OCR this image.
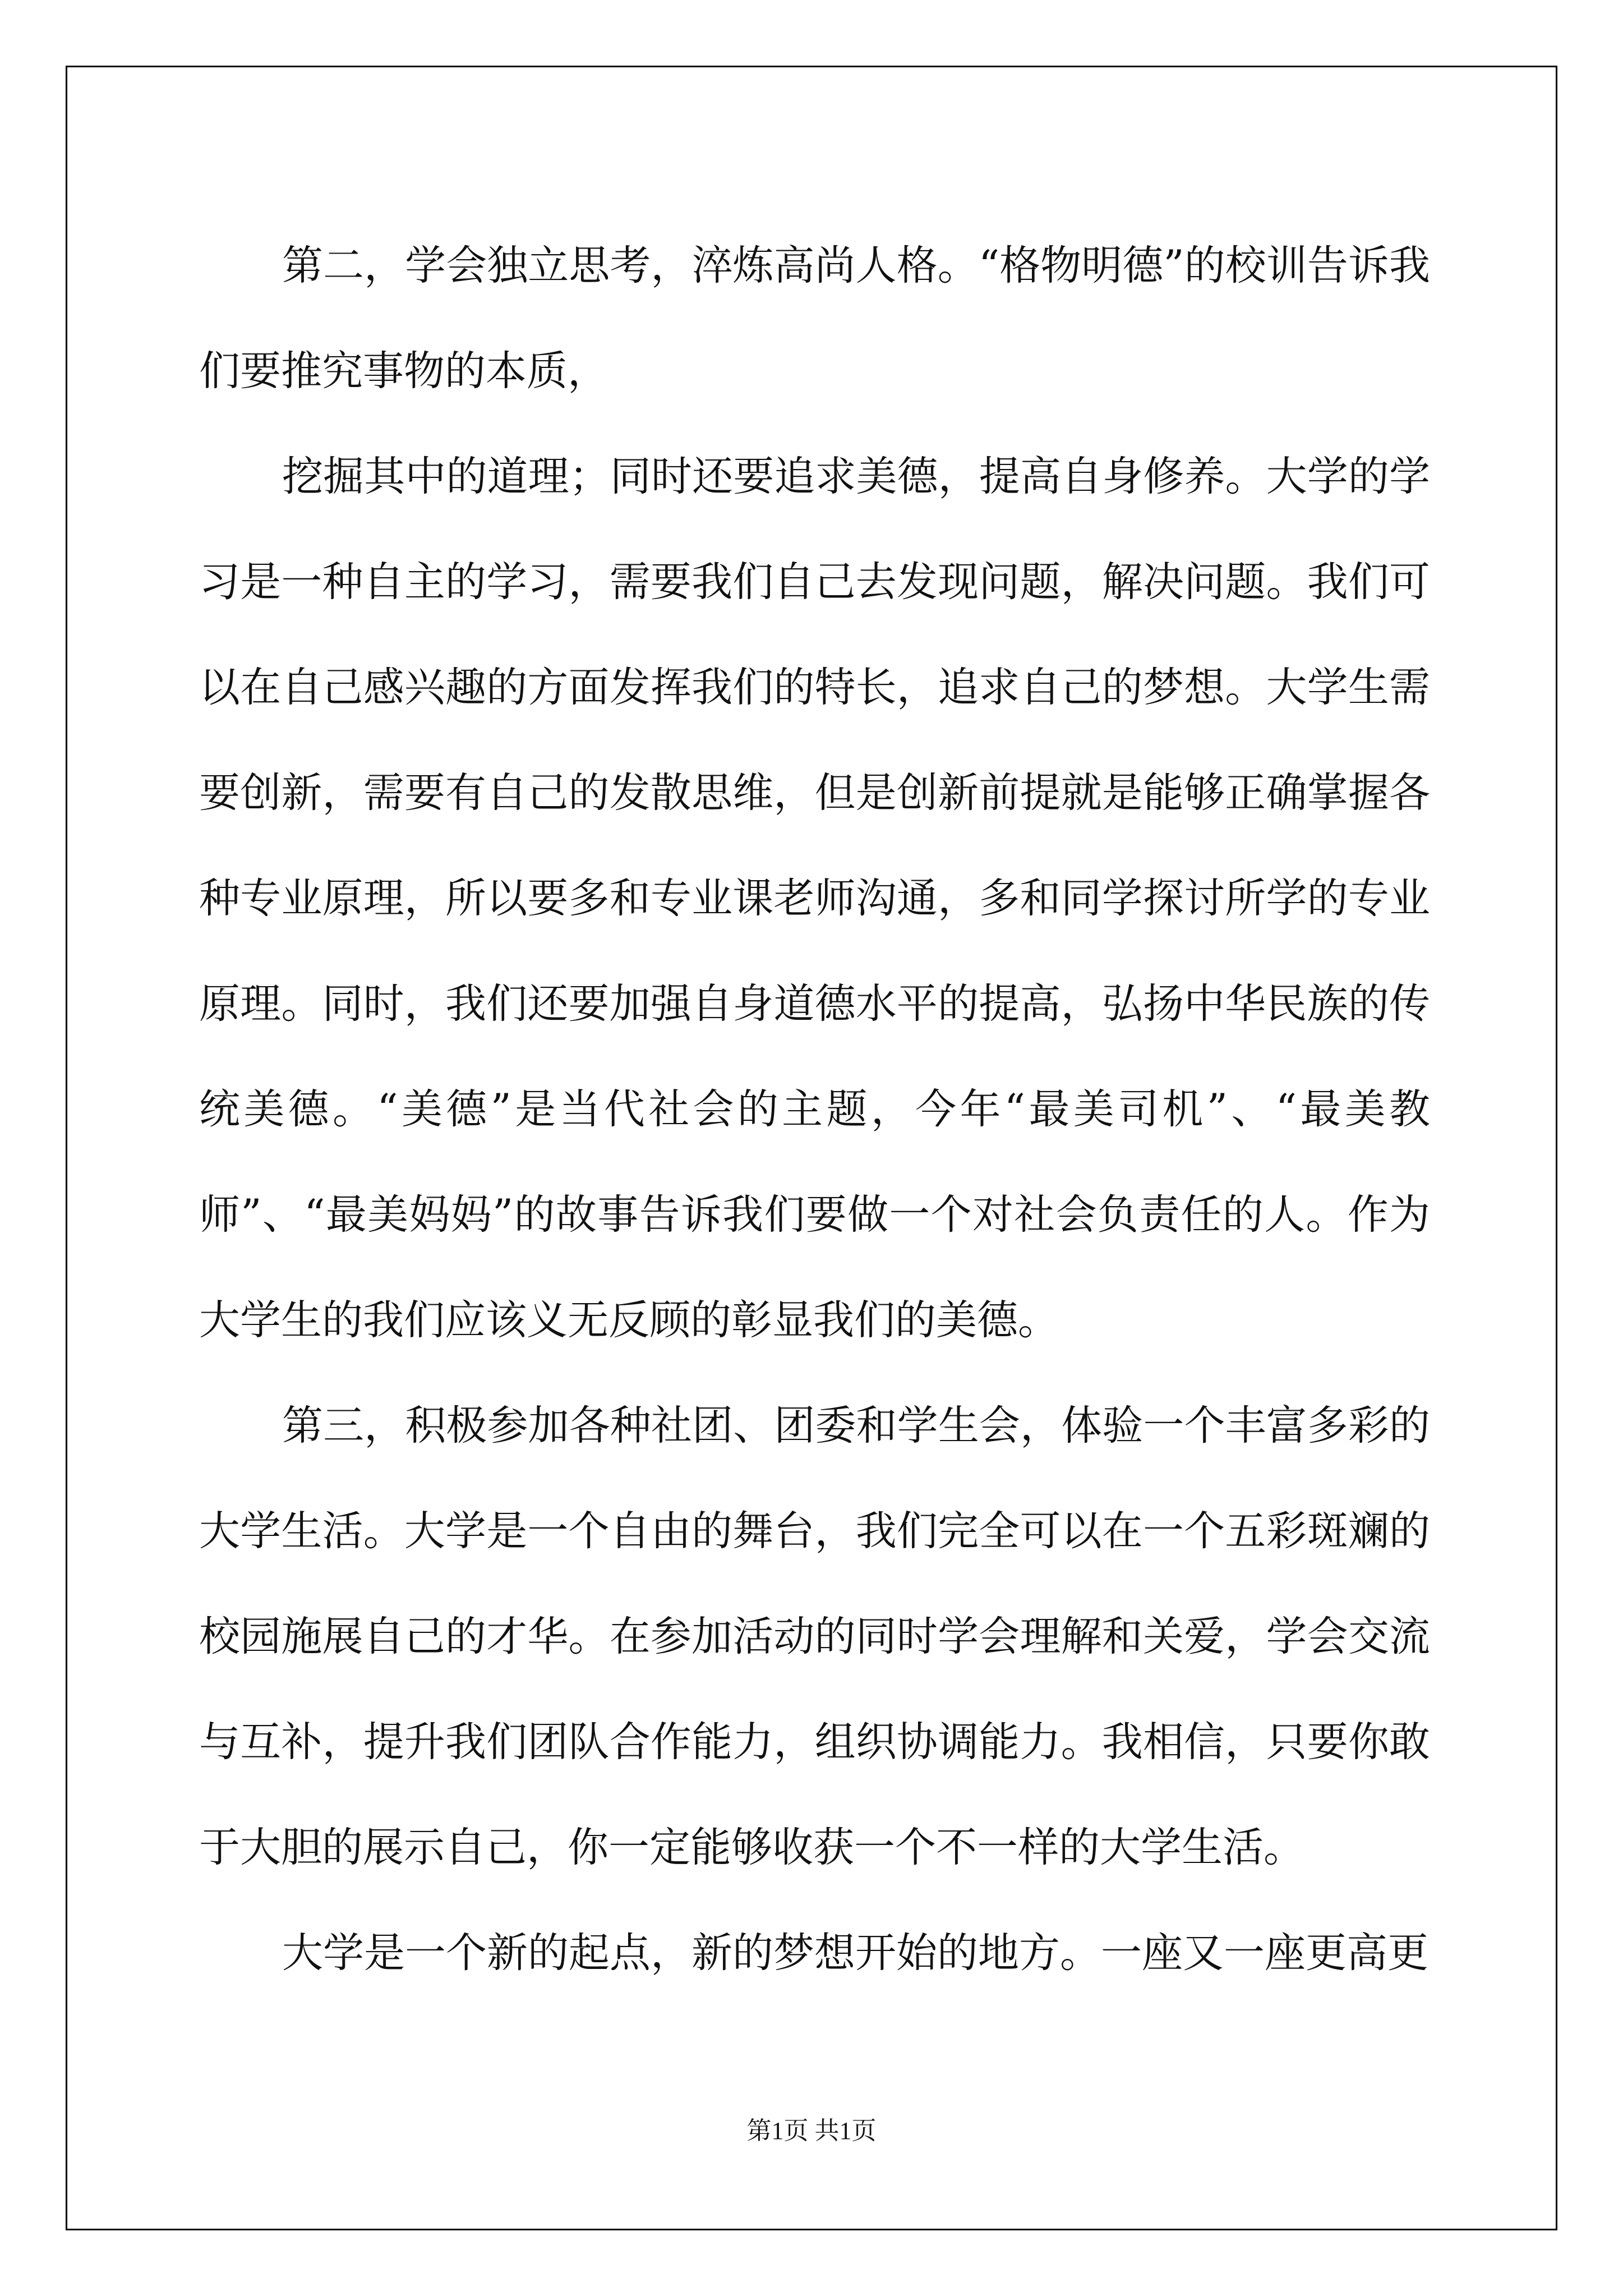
第二，学会独立思考，淬炼高尚人格。“格物明德”的校训告诉我们要推究事物的本质，

挖掘其中的道理；同时还要追求美德，提高自身修养。大学的学习是一种自主的学习，需要我们自己去发现问题，解决问题。我们可以在自己感兴趣的方面发挥我们的特长，追求自己的梦想。大学生需要创新，需要有自己的发散思维，但是创新前提就是能够正确掌握各种专业原理，所以要多和专业课老师沟通，多和同学探讨所学的专业原理。同时，我们还要加强自身道德水平的提高，弘扬中华民族的传统美德。“美德”是当代社会的主题，今年“最美司机”、“最美教师”、“最美妈妈”的故事告诉我们要做一个对社会负责任的人。作为大学生的我们应该义无反顾的彰显我们的美德。

第三，积极参加各种社团、团委和学生会，体验一个丰富多彩的大学生活。大学是一个自由的舞台，我们完全可以在一个五彩斑斓的校园施展自己的才华。在参加活动的同时学会理解和关爱，学会交流与互补，提升我们团队合作能力，组织协调能力。我相信，只要你敢于大胆的展示自己，你一定能够收获一个不一样的大学生活。

大学是一个新的起点，新的梦想开始的地方。一座又一座更高更

第1页 共1页
